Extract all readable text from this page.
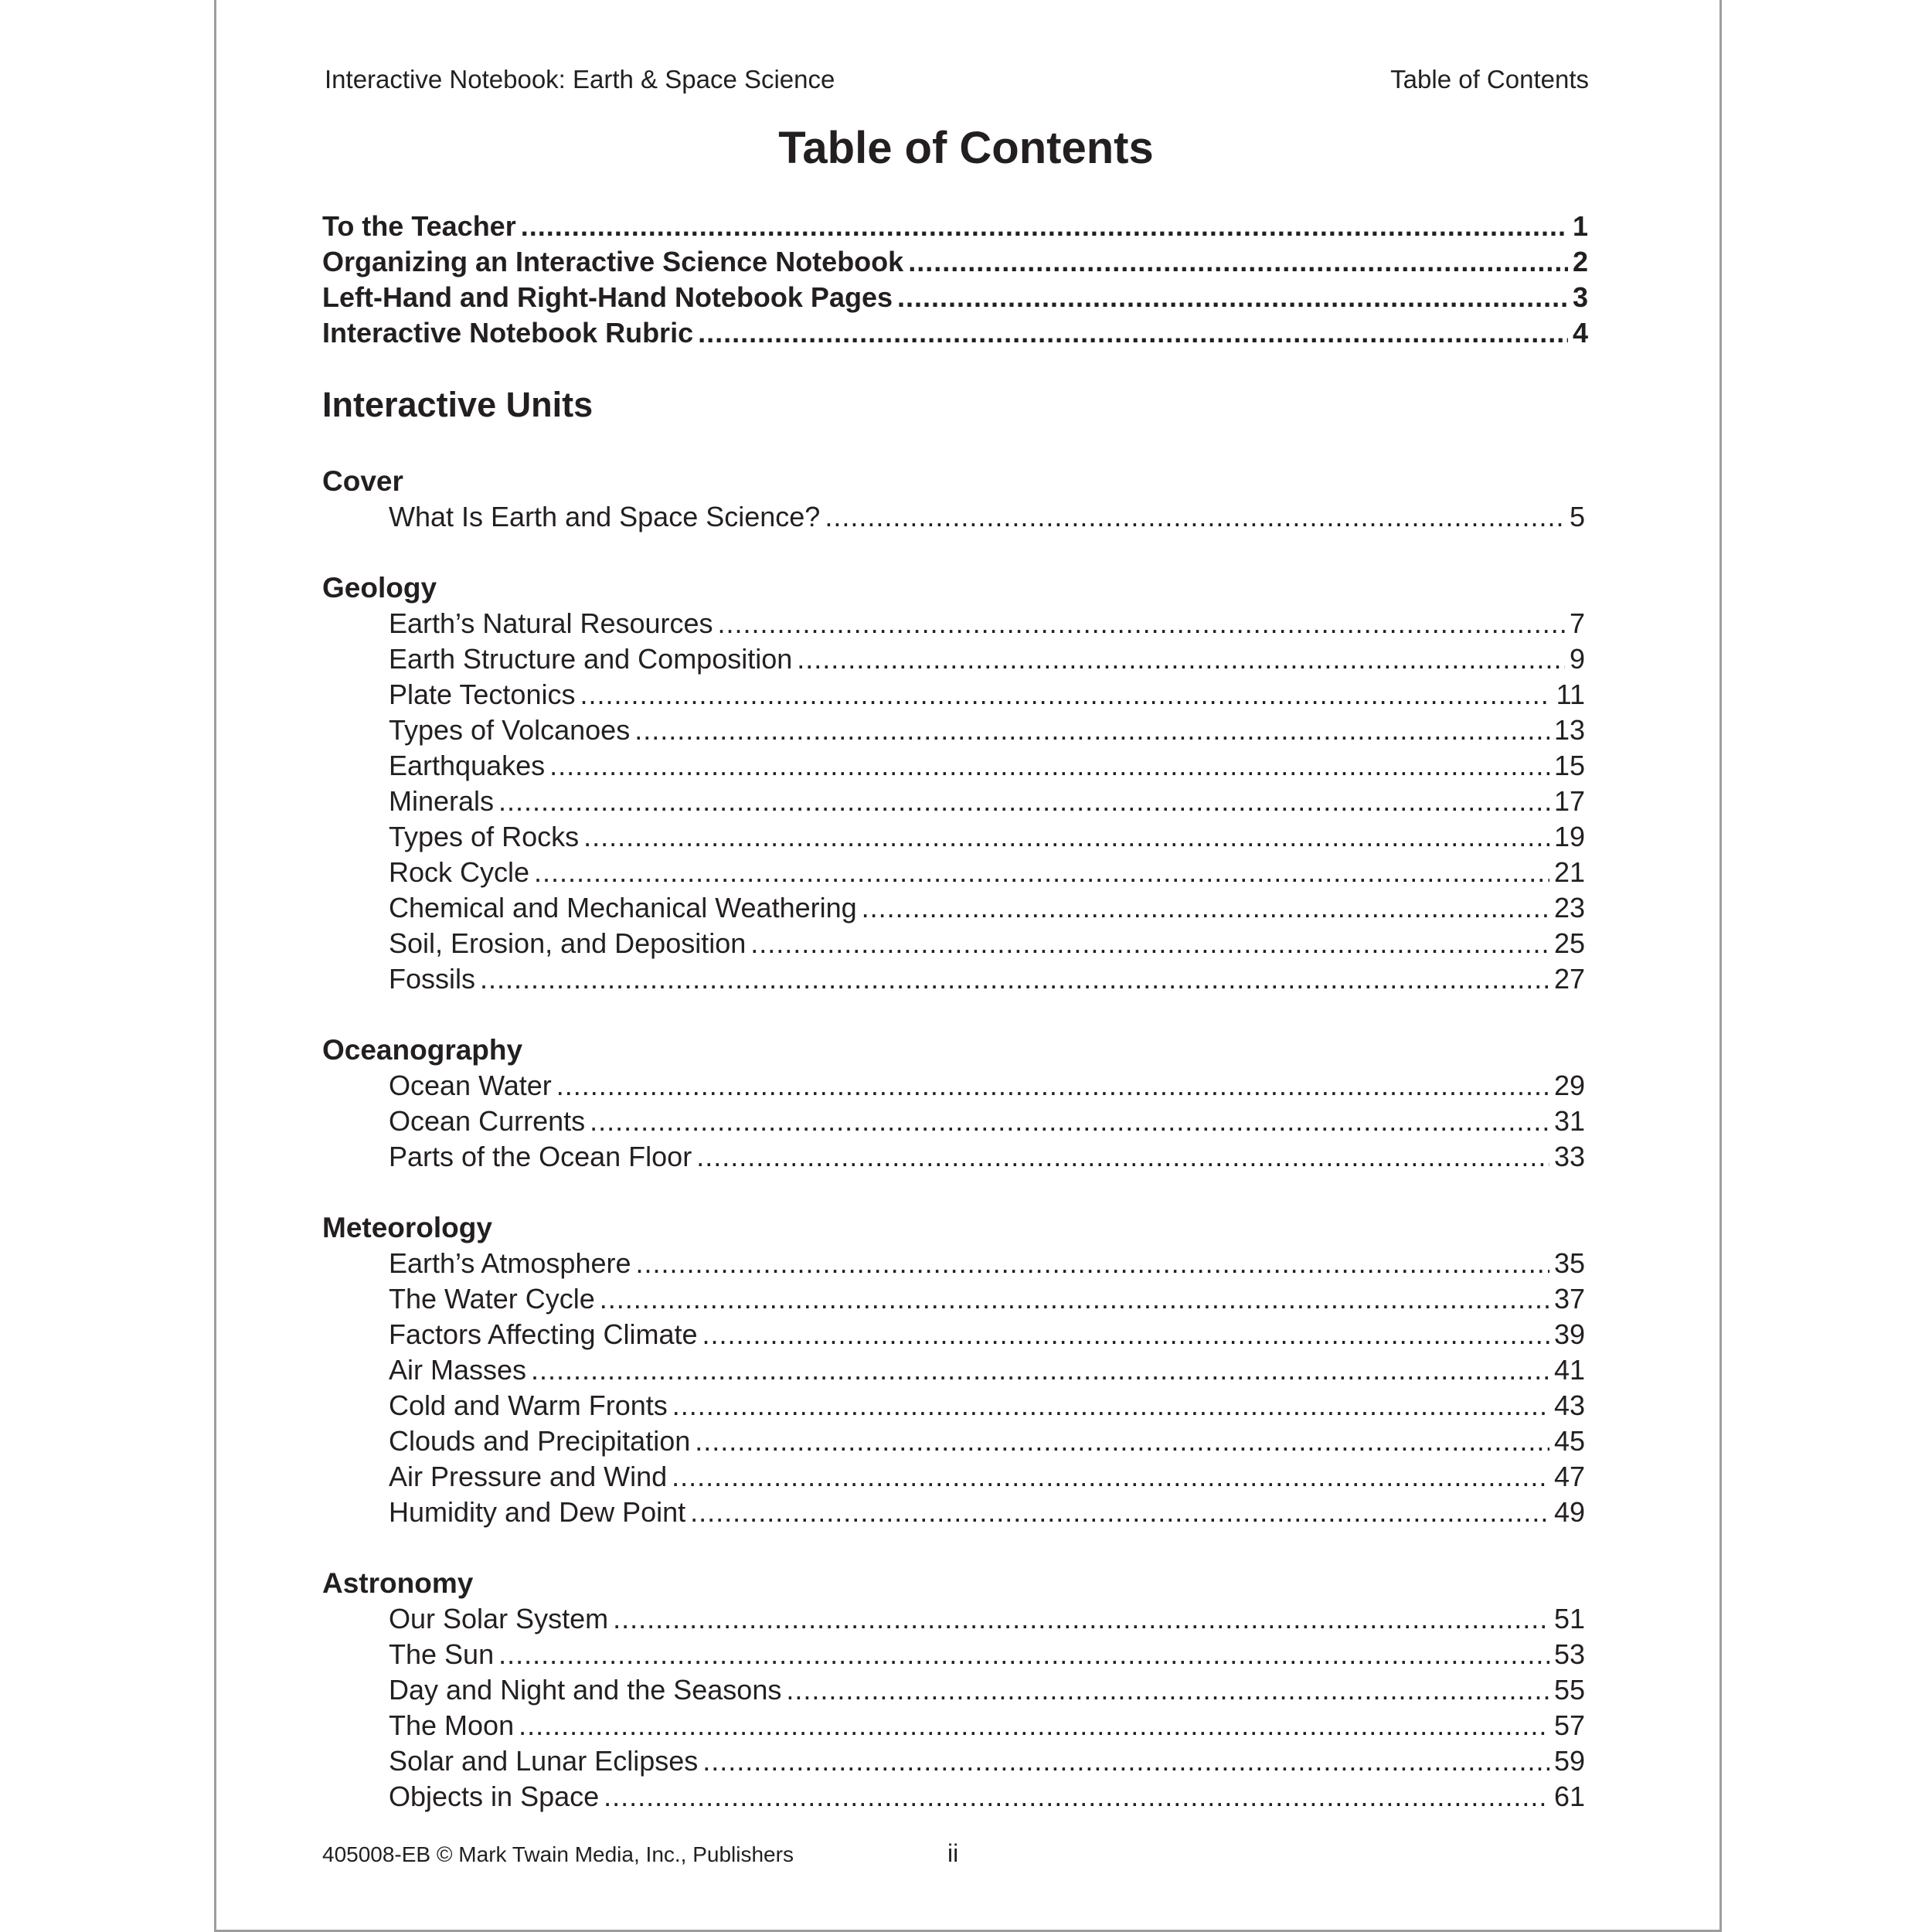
Interactive Notebook: Earth & Space Science	Table of Contents
Table of Contents
To the Teacher .....	1
Organizing an Interactive Science Notebook .....	2
Left-Hand and Right-Hand Notebook Pages .....	3
Interactive Notebook Rubric .....	4
Interactive Units
Cover
What Is Earth and Space Science? .....	5
Geology
Earth’s Natural Resources .....	7
Earth Structure and Composition .....	9
Plate Tectonics .....	11
Types of Volcanoes .....	13
Earthquakes .....	15
Minerals .....	17
Types of Rocks .....	19
Rock Cycle .....	21
Chemical and Mechanical Weathering .....	23
Soil, Erosion, and Deposition .....	25
Fossils .....	27
Oceanography
Ocean Water .....	29
Ocean Currents .....	31
Parts of the Ocean Floor .....	33
Meteorology
Earth’s Atmosphere .....	35
The Water Cycle .....	37
Factors Affecting Climate .....	39
Air Masses .....	41
Cold and Warm Fronts .....	43
Clouds and Precipitation .....	45
Air Pressure and Wind .....	47
Humidity and Dew Point .....	49
Astronomy
Our Solar System .....	51
The Sun .....	53
Day and Night and the Seasons .....	55
The Moon .....	57
Solar and Lunar Eclipses .....	59
Objects in Space .....	61
405008-EB © Mark Twain Media, Inc., Publishers	ii
